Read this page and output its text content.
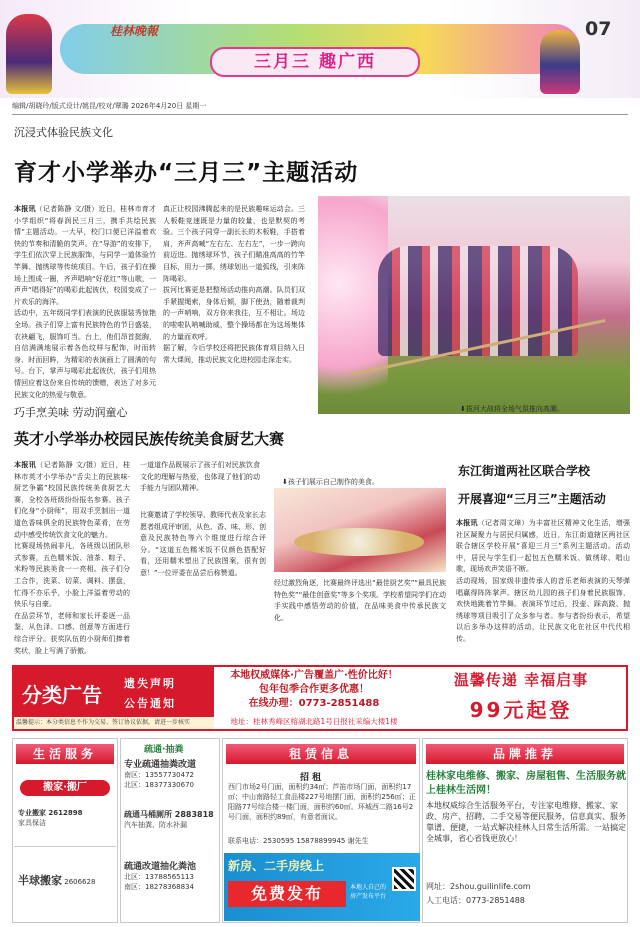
桂林晚報
三月三 趣广西
07
编辑/胡晓玲/版式设计/姚昆/校对/覃璐 2026年4月20日 星期一
沉浸式体验民族文化
育才小学举办“三月三”主题活动
本报讯（记者陈静 文/摄）近日，桂林市育才小学组织“将春润民三月三，携手共绘民族情”主题活动。一大早，校门口便已洋溢着欢快的节奏和清脆的笑声。在“导游”的安排下，学生们依次穿上民族服饰，与同学一道体验竹竿舞、抛绣球等传统项目。午后，孩子们在操场上围成一圈，齐声唱响“好花红”等山歌，一声声“唱得好”的喝彩此起彼伏，校园变成了一片欢乐的海洋。
活动中，五年级同学们表演的民族服装秀惊艳全场。孩子们穿上富有民族特色的节日盛装，衣袂翩飞，服饰叮当。台上，他们昂首挺胸，自信满满地展示着各色纹样与配饰，时而转身、时而回眸，为精彩的表演画上了圆满的句号。台下，掌声与喝彩此起彼伏，孩子们用热情回应着这份来自传统的馈赠，表达了对多元民族文化的热爱与敬意。
真正让校园沸腾起来的是民族趣味运动会。三人板鞋竞速既是力量的较量，也是默契的考验。三个孩子同穿一副长长的木板鞋，手搭着肩，齐声高喊“左右左、左右左”，一步一跨向前迈进。抛绣球环节，孩子们瞄准高高的竹竿目标，用力一掷，绣球划出一道弧线，引来阵阵喝彩。
拔河比赛更是把整场活动推向高潮。队员们双手紧握绳索，身体后倾，脚下使劲，随着裁判的一声哨响，双方你来我往，互不相让。场边的啦啦队呐喊助威，整个操场都在为这场集体的力量而欢呼。
据了解，今后学校还将把民族体育项目纳入日常大课间，推动民族文化进校园走深走实。
⬇拔河大战将全场气氛推向高潮。
巧手烹美味 劳动润童心
英才小学举办校园民族传统美食厨艺大赛
本报讯（记者陈静 文/摄）近日，桂林市英才小学举办“舌尖上的民族味·厨艺争霸”校园民族传统美食厨艺大赛，全校各班级纷纷报名参赛。孩子们化身“小厨师”，用双手烹制出一道道色香味俱全的民族特色菜肴，在劳动中感受传统饮食文化的魅力。
比赛现场热闹非凡，各班级以团队形式参赛，五色糯米饭、油茶、粽子、米粉等民族美食一一亮相。孩子们分工合作，洗菜、切菜、调料、摆盘，忙得不亦乐乎，小脸上洋溢着劳动的快乐与自豪。
在品尝环节，老师和家长评委逐一品鉴，从色泽、口感、创意等方面进行综合评分。获奖队伍的小厨师们捧着奖状，脸上写满了骄傲。
一道道作品既展示了孩子们对民族饮食文化的理解与热爱，也体现了他们的动手能力与团队精神。
⬇孩子们展示自己制作的美食。
比赛邀请了学校领导、教师代表及家长志愿者组成评审团，从色、香、味、形、创意及民族特色等六个维度进行综合评分。“这道五色糯米饭不仅颜色搭配好看，还用糯米塑出了民族图案，很有创意！”一位评委在品尝后称赞道。
经过激烈角逐，比赛最终评选出“最佳厨艺奖”“最具民族特色奖”“最佳创意奖”等多个奖项。学校希望同学们在动手实践中感悟劳动的价值，在品味美食中传承民族文化。
东江街道两社区联合学校
开展喜迎“三月三”主题活动
本报讯（记者周文璋）为丰富社区精神文化生活，增强社区凝聚力与居民归属感，近日，东江街道辖区两社区联合辖区学校开展“喜迎三月三”系列主题活动。活动中，居民与学生们一起包五色糯米饭、做绣球、唱山歌，现场欢声笑语不断。
活动现场，国家级非遗传承人的音乐老师表演的天琴弹唱赢得阵阵掌声。辖区幼儿园的孩子们身着民族服饰，欢快地跳着竹竿舞。表演环节过后，投壶、踩高跷、抛绣球等项目吸引了众多参与者。参与者纷纷表示，希望以后多举办这样的活动，让民族文化在社区中代代相传。
分类广告 遗失声明
公告通知
温馨提示：本分类信息不作为交易、签订协议依据，请进一步核实
本地权威媒体·广告覆盖广·性价比好！
包年包季合作更多优惠！
在线办理：0773-2851488
地址：桂林秀峰区榕湖北路1号日报社采编大楼1楼
温馨传递 幸福启事
99元起登
生活服务
搬家·搬厂
专业搬家 2612898
家具保洁
半球搬家 2606628
疏通·抽粪
专业疏通抽粪改道
南区：13557730472
北区：18377330670
疏通马桶厕所 2883818
汽车抽粪、防水补漏
疏通改道抽化粪池
北区：13788565113
南区：18278368834
租赁信息
招 租
西门市场2号门面，面积约34㎡；芦笛市场门面，面积约17㎡；中山南路轻工食品楼227号地摆门面，面积约256㎡；正阳路77号综合楼一楼门面，面积约60㎡。环城西二路16号2号门面，面积约89㎡，有意者面议。
联系电话：2530595 15878899945 谢先生
新房、二手房线上
免费发布	本地人自己的房产发布平台
品牌推荐
桂林家电维修、搬家、房屋租售、生活服务就上桂林生活网！
本地权威综合生活服务平台，专注家电维修、搬家、家政、房产、招聘、二手交易等便民服务，信息真实、服务靠谱、便捷，一站式解决桂林人日常生活所需。一站搞定全城事，省心省钱更放心！
网址：2shou.guilinlife.com
人工电话：0773-2851488
